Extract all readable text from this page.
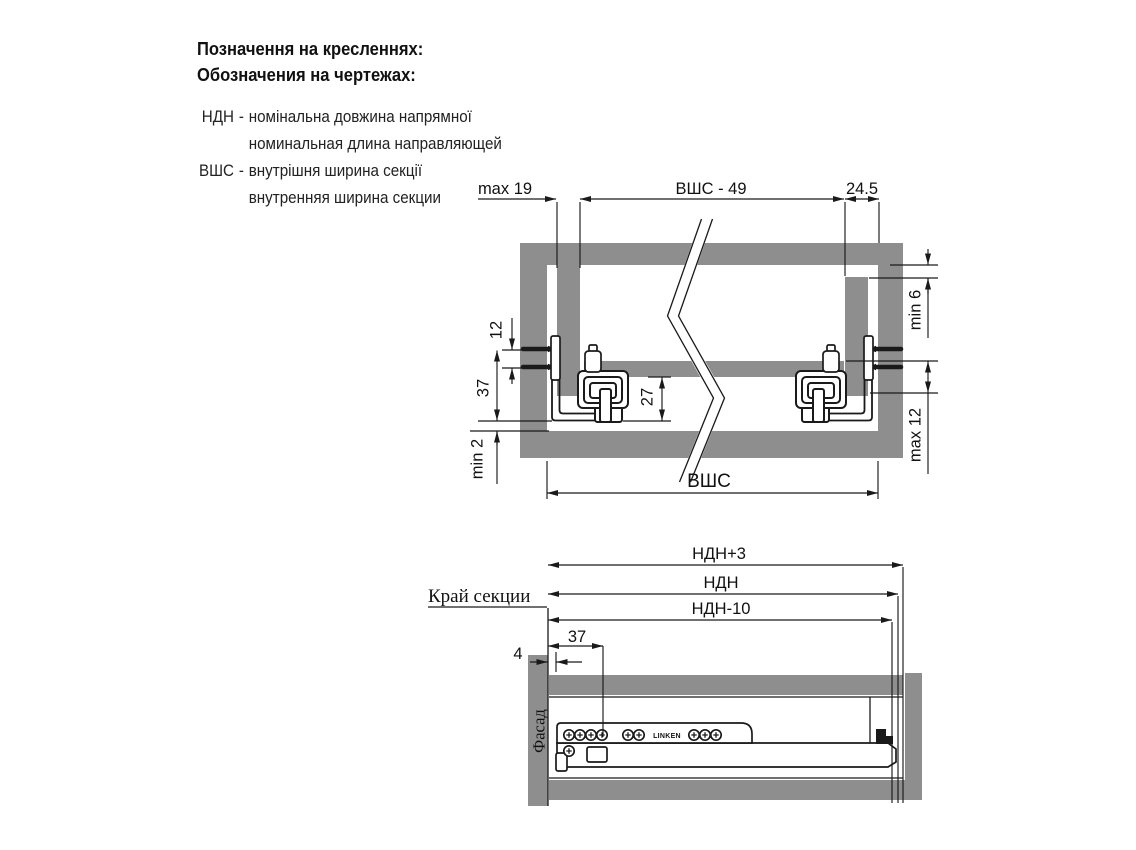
Позначення на кресленнях:
Обозначения на чертежах:
НДН - номінальна довжина напрямної
номинальная длина направляющей
ВШС - внутрішня ширина секції
внутренняя ширина секции max 19	ВШС - 49	24.5
12
37
min 2
27
min 6
max 12
ВШС
LINKEN
НДН+3
НДН
НДН-10
37
4
Край секции
Фасад
